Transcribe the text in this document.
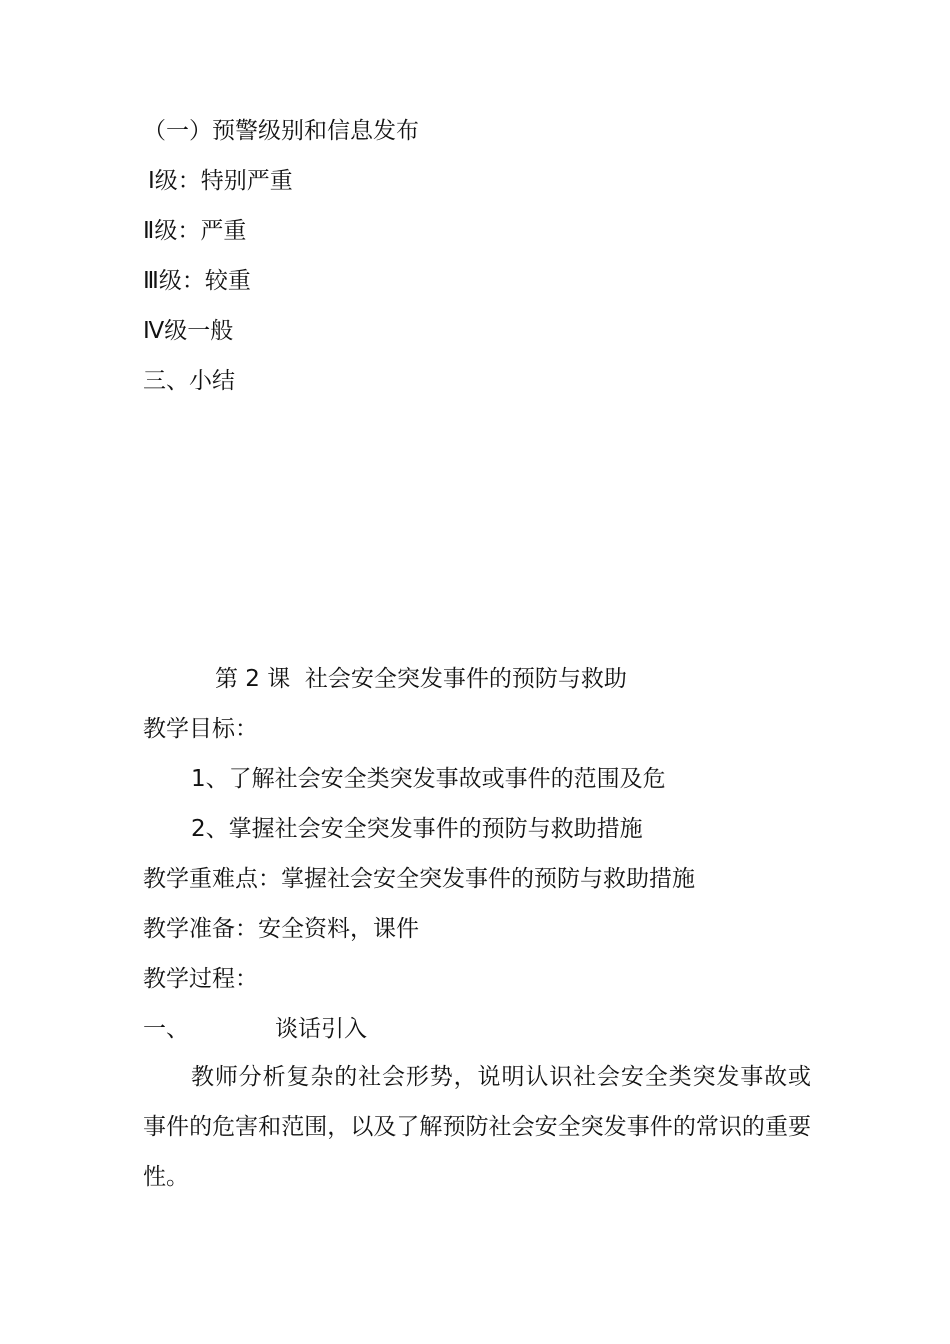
（一）预警级别和信息发布
Ⅰ级：特别严重
Ⅱ级：严重
Ⅲ级：较重
Ⅳ级一般
三、小结
第 2 课  社会安全突发事件的预防与救助
教学目标：
1、了解社会安全类突发事故或事件的范围及危
2、掌握社会安全突发事件的预防与救助措施
教学重难点：掌握社会安全突发事件的预防与救助措施
教学准备：安全资料，课件
教学过程：
一、	谈话引入
教师分析复杂的社会形势，说明认识社会安全类突发事故或事件的危害和范围，以及了解预防社会安全突发事件的常识的重要性。
